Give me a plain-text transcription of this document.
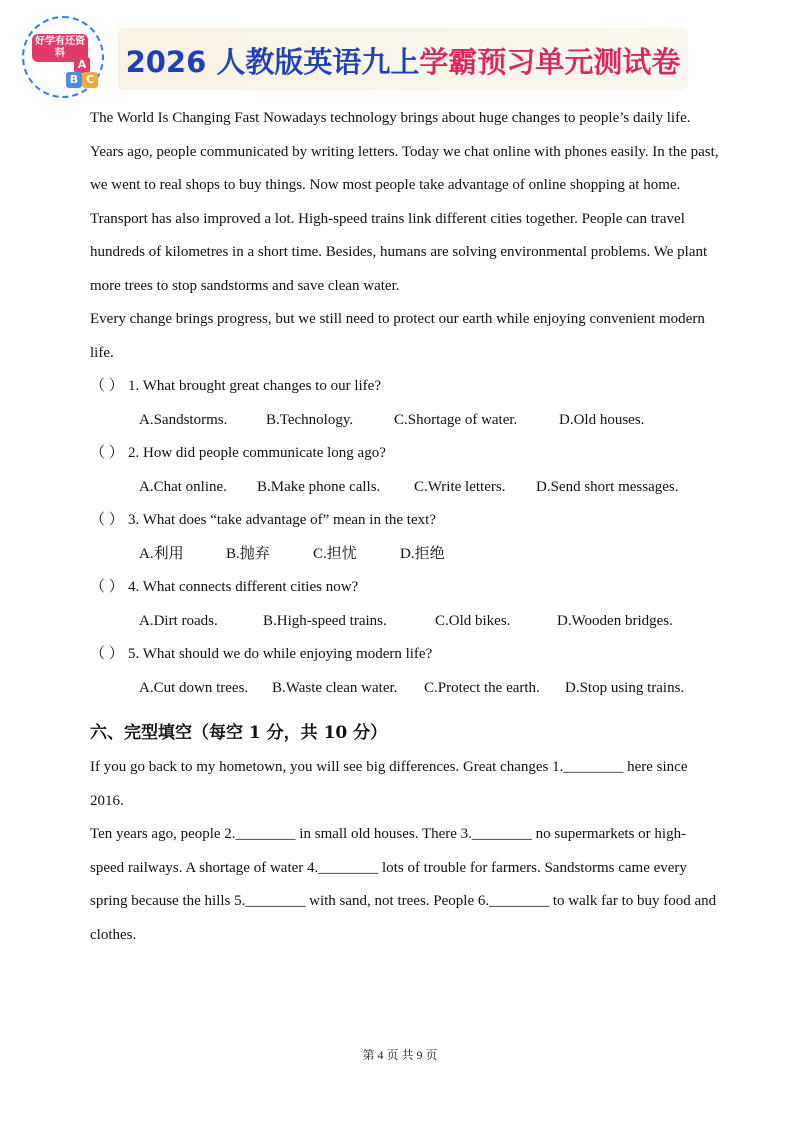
好学有还资料
A
B C
2026 人教版英语九上学霸预习单元测试卷

The World Is Changing Fast Nowadays technology brings about huge changes to people’s daily life. Years ago, people communicated by writing letters. Today we chat online with phones easily. In the past, we went to real shops to buy things. Now most people take advantage of online shopping at home.

Transport has also improved a lot. High-speed trains link different cities together. People can travel hundreds of kilometres in a short time. Besides, humans are solving environmental problems. We plant more trees to stop sandstorms and save clean water.

Every change brings progress, but we still need to protect our earth while enjoying convenient modern life.

（ ） 1. What brought great changes to our life?

A.Sandstorms.	B.Technology.	C.Shortage of water.	D.Old houses.

（ ） 2. How did people communicate long ago?

A.Chat online. B.Make phone calls. C.Write letters. D.Send short messages.

（ ） 3. What does “take advantage of” mean in the text?

A.利用	B.抛弃	C.担忧	D.拒绝

（ ） 4. What connects different cities now?

A.Dirt roads.	B.High-speed trains.	C.Old bikes.	D.Wooden bridges.

（ ） 5. What should we do while enjoying modern life?

A.Cut down trees. B.Waste clean water. C.Protect the earth. D.Stop using trains.

六、完型填空（每空 1 分，共 10 分）

If you go back to my hometown, you will see big differences. Great changes 1.________ here since 2016.

Ten years ago, people 2.________ in small old houses. There 3.________ no supermarkets or high-speed railways. A shortage of water 4.________ lots of trouble for farmers. Sandstorms came every spring because the hills 5.________ with sand, not trees. People 6.________ to walk far to buy food and clothes.

第 4 页 共 9 页
